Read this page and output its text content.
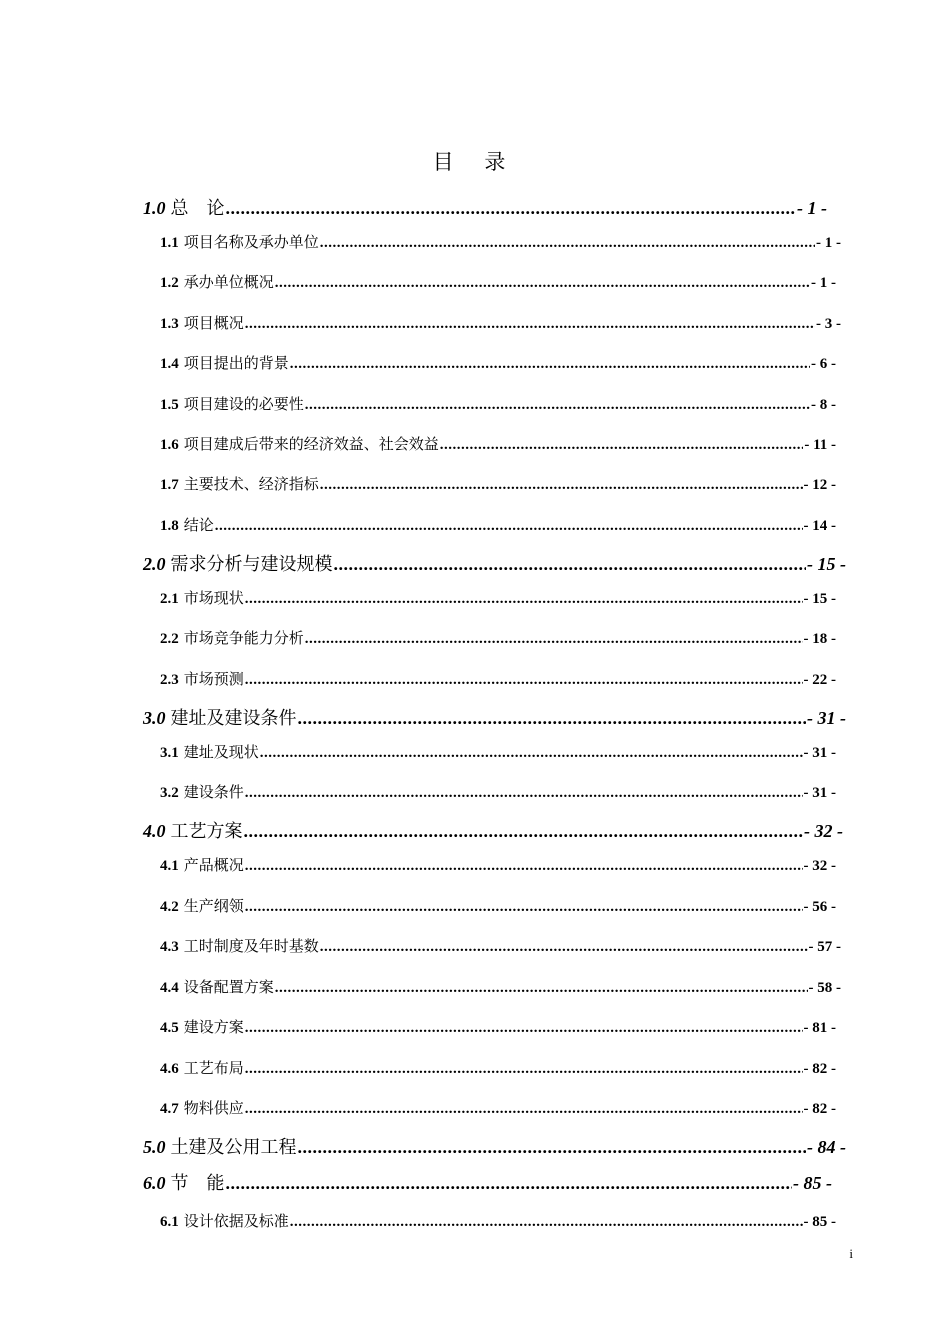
目 录
1.0 总　论 .....	- 1 -
1.1 项目名称及承办单位 .....	- 1 -
1.2 承办单位概况 .....	- 1 -
1.3 项目概况 .....	- 3 -
1.4 项目提出的背景 .....	- 6 -
1.5 项目建设的必要性 .....	- 8 -
1.6 项目建成后带来的经济效益、社会效益 .....	- 11 -
1.7 主要技术、经济指标 .....	- 12 -
1.8 结论 .....	- 14 -
2.0 需求分析与建设规模 .....	- 15 -
2.1 市场现状 .....	- 15 -
2.2 市场竞争能力分析 .....	- 18 -
2.3 市场预测 .....	- 22 -
3.0 建址及建设条件 .....	- 31 -
3.1 建址及现状 .....	- 31 -
3.2 建设条件 .....	- 31 -
4.0 工艺方案 .....	- 32 -
4.1 产品概况 .....	- 32 -
4.2 生产纲领 .....	- 56 -
4.3 工时制度及年时基数 .....	- 57 -
4.4 设备配置方案 .....	- 58 -
4.5 建设方案 .....	- 81 -
4.6 工艺布局 .....	- 82 -
4.7 物料供应 .....	- 82 -
5.0 土建及公用工程 .....	- 84 -
6.0 节　能 .....	- 85 -
6.1 设计依据及标准 .....	- 85 -
i
